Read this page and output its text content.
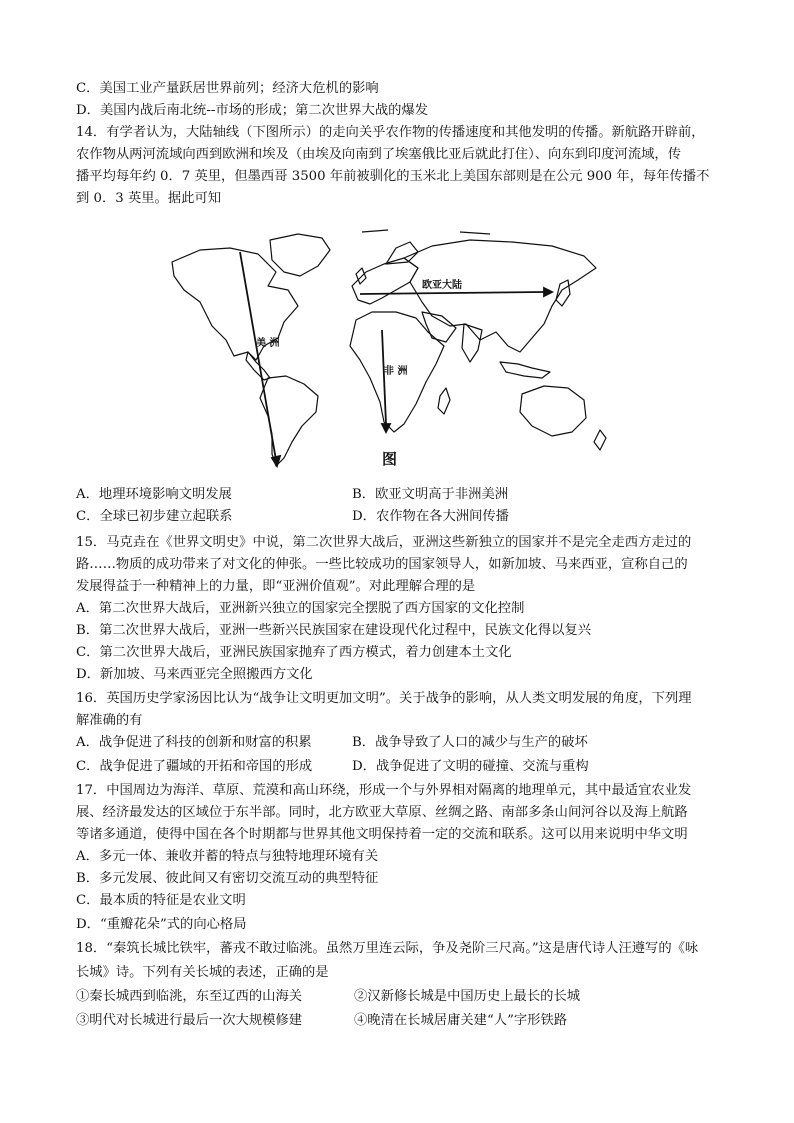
C．美国工业产量跃居世界前列；经济大危机的影响
D．美国内战后南北统--市场的形成；第二次世界大战的爆发
14．有学者认为，大陆轴线（下图所示）的走向关乎农作物的传播速度和其他发明的传播。新航路开辟前，
农作物从两河流域向西到欧洲和埃及（由埃及向南到了埃塞俄比亚后就此打住）、向东到印度河流域，传
播平均每年约 0．7 英里，但墨西哥 3500 年前被驯化的玉米北上美国东部则是在公元 900 年，每年传播不
到 0．3 英里。据此可知
欧亚大陆
美 洲
非 洲
图
A．地理环境影响文明发展	B．欧亚文明高于非洲美洲
C．全球已初步建立起联系	D．农作物在各大洲间传播
15．马克垚在《世界文明史》中说，第二次世界大战后，亚洲这些新独立的国家并不是完全走西方走过的
路……物质的成功带来了对文化的伸张。一些比较成功的国家领导人，如新加坡、马来西亚，宣称自己的
发展得益于一种精神上的力量，即“亚洲价值观”。对此理解合理的是
A．第二次世界大战后，亚洲新兴独立的国家完全摆脱了西方国家的文化控制
B．第二次世界大战后，亚洲一些新兴民族国家在建设现代化过程中，民族文化得以复兴
C．第二次世界大战后，亚洲民族国家抛弃了西方模式，着力创建本土文化
D．新加坡、马来西亚完全照搬西方文化
16．英国历史学家汤因比认为“战争让文明更加文明”。关于战争的影响，从人类文明发展的角度，下列理
解准确的有
A．战争促进了科技的创新和财富的积累	B．战争导致了人口的减少与生产的破坏
C．战争促进了疆域的开拓和帝国的形成	D．战争促进了文明的碰撞、交流与重构
17．中国周边为海洋、草原、荒漠和高山环绕，形成一个与外界相对隔离的地理单元，其中最适宜农业发
展、经济最发达的区域位于东半部。同时，北方欧亚大草原、丝绸之路、南部多条山间河谷以及海上航路
等诸多通道，使得中国在各个时期都与世界其他文明保持着一定的交流和联系。这可以用来说明中华文明
A．多元一体、兼收并蓄的特点与独特地理环境有关
B．多元发展、彼此间又有密切交流互动的典型特征
C．最本质的特征是农业文明
D．“重瓣花朵”式的向心格局
18．“秦筑长城比铁牢，蕃戎不敢过临洮。虽然万里连云际，争及尧阶三尺高。”这是唐代诗人汪遵写的《咏
长城》诗。下列有关长城的表述，正确的是
①秦长城西到临洮，东至辽西的山海关	②汉新修长城是中国历史上最长的长城
③明代对长城进行最后一次大规模修建	④晚清在长城居庸关建“人”字形铁路
